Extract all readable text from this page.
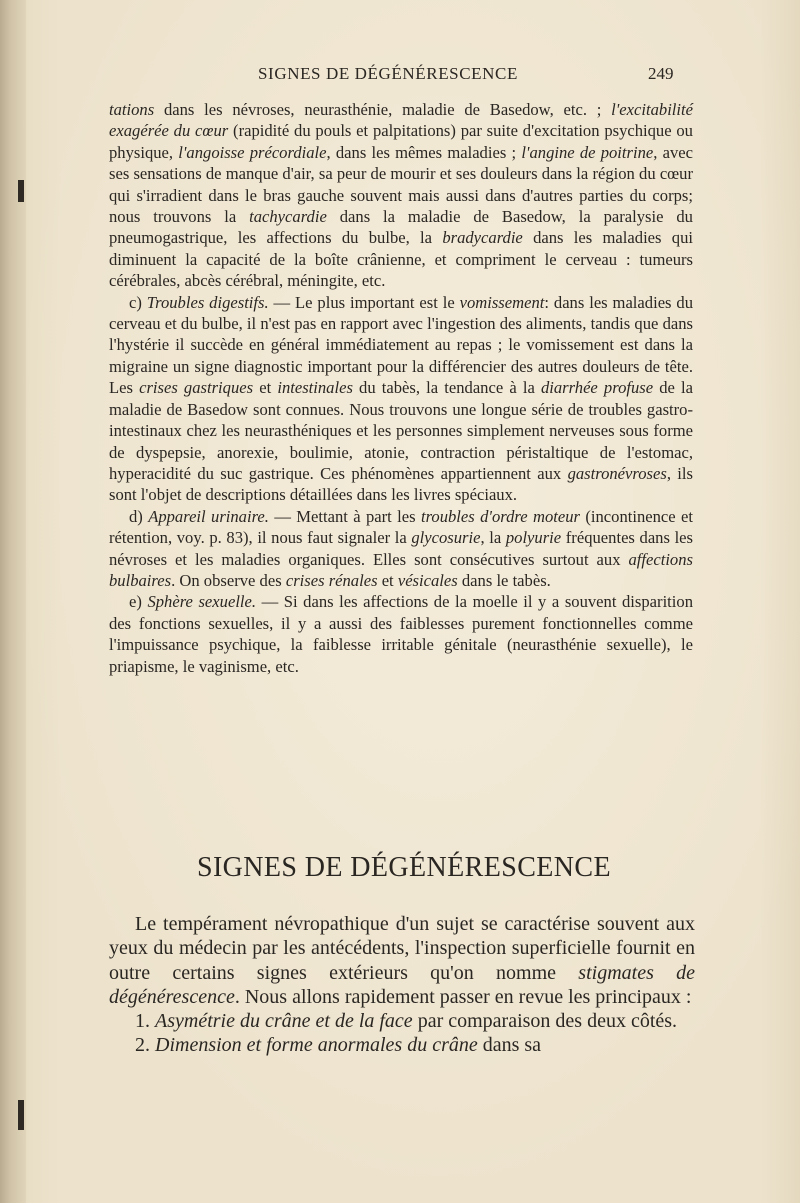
SIGNES DE DÉGÉNÉRESCENCE	249

tations dans les névroses, neurasthénie, maladie de Basedow, etc. ; l'excitabilité exagérée du cœur (rapidité du pouls et palpitations) par suite d'excitation psychique ou physique, l'angoisse précordiale, dans les mêmes maladies ; l'angine de poitrine, avec ses sensations de manque d'air, sa peur de mourir et ses douleurs dans la région du cœur qui s'irradient dans le bras gauche souvent mais aussi dans d'autres parties du corps; nous trouvons la tachycardie dans la maladie de Basedow, la paralysie du pneumogastrique, les affections du bulbe, la bradycardie dans les maladies qui diminuent la capacité de la boîte crânienne, et compriment le cerveau : tumeurs cérébrales, abcès cérébral, méningite, etc.

c) Troubles digestifs. — Le plus important est le vomissement: dans les maladies du cerveau et du bulbe, il n'est pas en rapport avec l'ingestion des aliments, tandis que dans l'hystérie il succède en général immédiatement au repas ; le vomissement est dans la migraine un signe diagnostic important pour la différencier des autres douleurs de tête. Les crises gastriques et intestinales du tabès, la tendance à la diarrhée profuse de la maladie de Basedow sont connues. Nous trouvons une longue série de troubles gastro-intestinaux chez les neurasthéniques et les personnes simplement nerveuses sous forme de dyspepsie, anorexie, boulimie, atonie, contraction péristaltique de l'estomac, hyperacidité du suc gastrique. Ces phénomènes appartiennent aux gastronévroses, ils sont l'objet de descriptions détaillées dans les livres spéciaux.

d) Appareil urinaire. — Mettant à part les troubles d'ordre moteur (incontinence et rétention, voy. p. 83), il nous faut signaler la glycosurie, la polyurie fréquentes dans les névroses et les maladies organiques. Elles sont consécutives surtout aux affections bulbaires. On observe des crises rénales et vésicales dans le tabès.

e) Sphère sexuelle. — Si dans les affections de la moelle il y a souvent disparition des fonctions sexuelles, il y a aussi des faiblesses purement fonctionnelles comme l'impuissance psychique, la faiblesse irritable génitale (neurasthénie sexuelle), le priapisme, le vaginisme, etc.

SIGNES DE DÉGÉNÉRESCENCE

Le tempérament névropathique d'un sujet se caractérise souvent aux yeux du médecin par les antécédents, l'inspection superficielle fournit en outre certains signes extérieurs qu'on nomme stigmates de dégénérescence. Nous allons rapidement passer en revue les principaux :

1. Asymétrie du crâne et de la face par comparaison des deux côtés.

2. Dimension et forme anormales du crâne dans sa
